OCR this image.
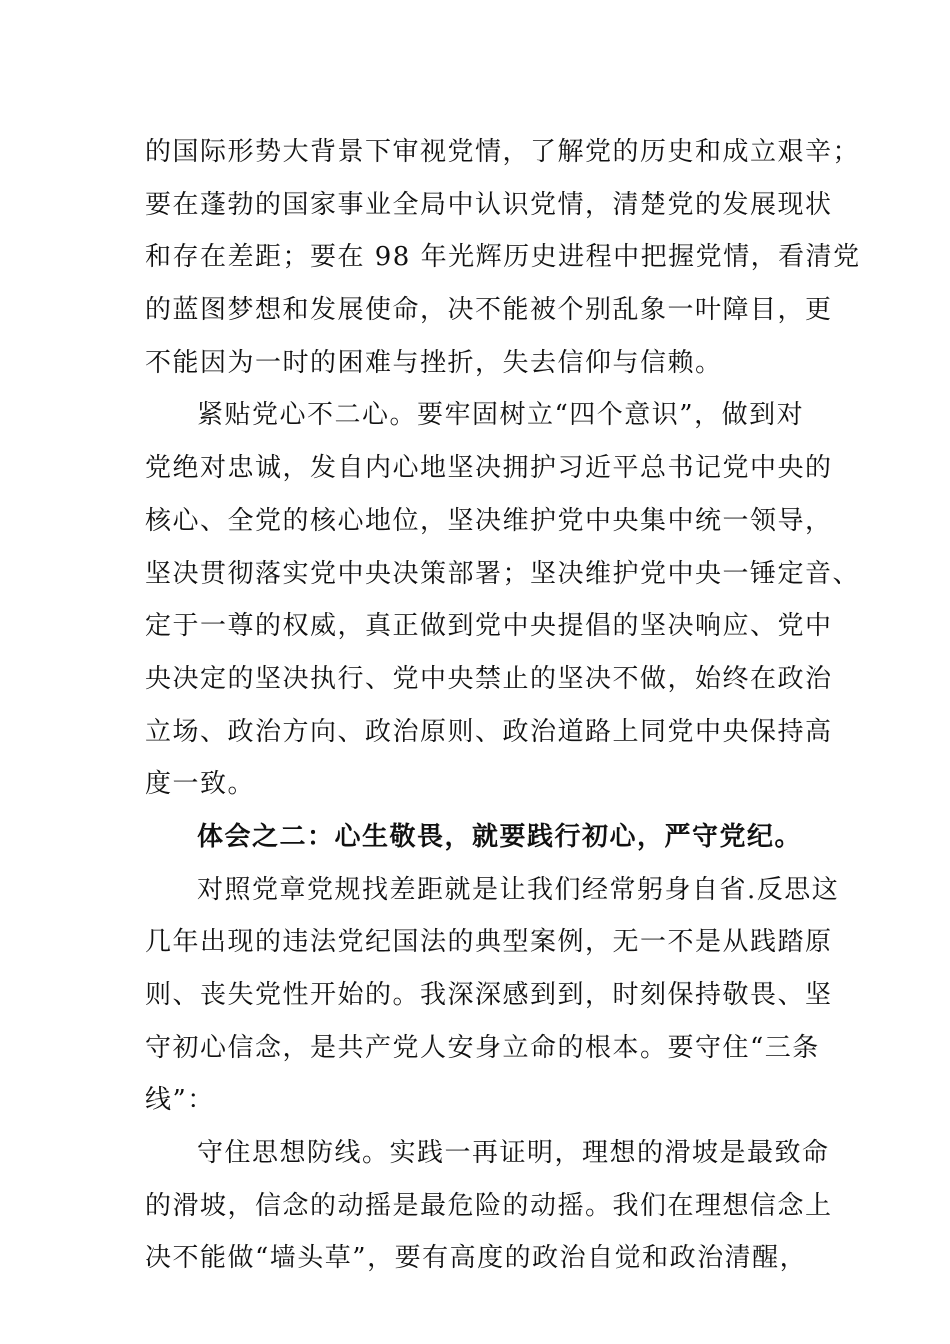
的国际形势大背景下审视党情，了解党的历史和成立艰辛；
要在蓬勃的国家事业全局中认识党情，清楚党的发展现状
和存在差距；要在 98 年光辉历史进程中把握党情，看清党
的蓝图梦想和发展使命，决不能被个别乱象一叶障目，更
不能因为一时的困难与挫折，失去信仰与信赖。
紧贴党心不二心。要牢固树立“四个意识”，做到对
党绝对忠诚，发自内心地坚决拥护习近平总书记党中央的
核心、全党的核心地位，坚决维护党中央集中统一领导，
坚决贯彻落实党中央决策部署；坚决维护党中央一锤定音、
定于一尊的权威，真正做到党中央提倡的坚决响应、党中
央决定的坚决执行、党中央禁止的坚决不做，始终在政治
立场、政治方向、政治原则、政治道路上同党中央保持高
度一致。
体会之二：心生敬畏，就要践行初心，严守党纪。
对照党章党规找差距就是让我们经常躬身自省.反思这
几年出现的违法党纪国法的典型案例，无一不是从践踏原
则、丧失党性开始的。我深深感到到，时刻保持敬畏、坚
守初心信念，是共产党人安身立命的根本。要守住“三条
线”：
守住思想防线。实践一再证明，理想的滑坡是最致命
的滑坡，信念的动摇是最危险的动摇。我们在理想信念上
决不能做“墙头草”，要有高度的政治自觉和政治清醒，
